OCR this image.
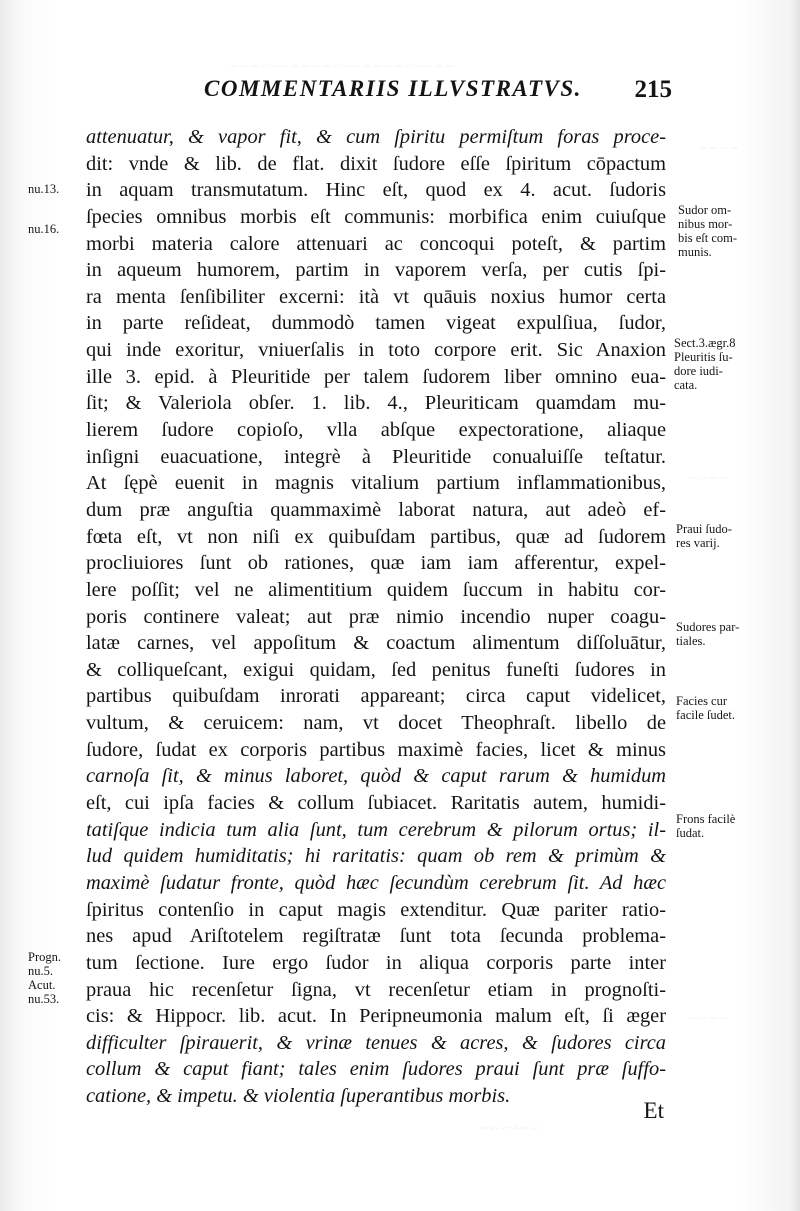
~ ~ ~ ~ ~ ~ ~ ~ ~ ~ ~ ~ ~ ~ ~ ~ ~ ~ ~ ~ ~ ~
~ ~ ~ ~
~ ~ ~ ~
~ ~ ~ ~
~ ~ ~ ~ ~ ~
COMMENTARIIS ILLVSTRATVS. 215
nu.13.
nu.16.
Progn.
nu.5.
Acut.
nu.53.
attenuatur, & vapor fit, & cum ſpiritu permiſtum foras proce-
dit: vnde & lib. de flat. dixit ſudore eſſe ſpiritum cōpactum
in aquam transmutatum. Hinc eſt, quod ex 4. acut. ſudoris
ſpecies omnibus morbis eſt communis: morbifica enim cuiuſque
morbi materia calore attenuari ac concoqui poteſt, & partim
in aqueum humorem, partim in vaporem verſa, per cutis ſpi-
ra menta ſenſibiliter excerni: ità vt quāuis noxius humor certa
in parte reſideat, dummodò tamen vigeat expulſiua, ſudor,
qui inde exoritur, vniuerſalis in toto corpore erit. Sic Anaxion
ille 3. epid. à Pleuritide per talem ſudorem liber omnino eua-
ſit; & Valeriola obſer. 1. lib. 4., Pleuriticam quamdam mu-
lierem ſudore copioſo, vlla abſque expectoratione, aliaque
inſigni euacuatione, integrè à Pleuritide conualuiſſe teſtatur.
At ſępè euenit in magnis vitalium partium inflammationibus,
dum præ anguſtia quammaximè laborat natura, aut adeò ef-
fœta eſt, vt non niſi ex quibuſdam partibus, quæ ad ſudorem
procliuiores ſunt ob rationes, quæ iam iam afferentur, expel-
lere poſſit; vel ne alimentitium quidem ſuccum in habitu cor-
poris continere valeat; aut præ nimio incendio nuper coagu-
latæ carnes, vel appoſitum & coactum alimentum diſſoluātur,
& colliqueſcant, exigui quidam, ſed penitus funeſti ſudores in
partibus quibuſdam inrorati appareant; circa caput videlicet,
vultum, & ceruicem: nam, vt docet Theophraſt. libello de
ſudore, ſudat ex corporis partibus maximè facies, licet & minus
carnoſa ſit, & minus laboret, quòd & caput rarum & humidum
eſt, cui ipſa facies & collum ſubiacet. Raritatis autem, humidi-
tatiſque indicia tum alia ſunt, tum cerebrum & pilorum ortus; il-
lud quidem humiditatis; hi raritatis: quam ob rem & primùm &
maximè ſudatur fronte, quòd hæc ſecundùm cerebrum ſit. Ad hæc
ſpiritus contenſio in caput magis extenditur. Quæ pariter ratio-
nes apud Ariſtotelem regiſtratæ ſunt tota ſecunda problema-
tum ſectione. Iure ergo ſudor in aliqua corporis parte inter
praua hic recenſetur ſigna, vt recenſetur etiam in prognoſti-
cis: & Hippocr. lib. acut. In Peripneumonia malum eſt, ſi æger
difficulter ſpirauerit, & vrinæ tenues & acres, & ſudores circa
collum & caput fiant; tales enim ſudores praui ſunt præ ſuffo-
catione, & impetu. & violentia ſuperantibus morbis.
Sudor om-
nibus mor-
bis eſt com-
munis.
Sect.3.ægr.8
Pleuritis ſu-
dore iudi-
cata.
Praui ſudo-
res varij.
Sudores par-
tiales.
Facies cur
facile ſudet.
Frons facilè
ſudat.
Et
